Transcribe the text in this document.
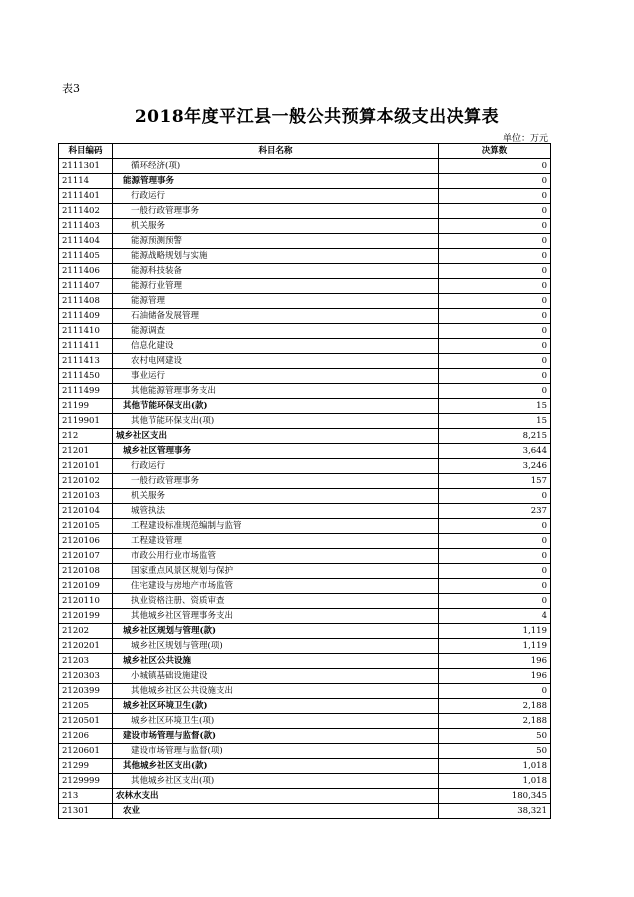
表3
2018年度平江县一般公共预算本级支出决算表
单位：万元
科目编码	科目名称	决算数
2111301	循环经济(项)	0
21114	能源管理事务	0
2111401	行政运行	0
2111402	一般行政管理事务	0
2111403	机关服务	0
2111404	能源预测预警	0
2111405	能源战略规划与实施	0
2111406	能源科技装备	0
2111407	能源行业管理	0
2111408	能源管理	0
2111409	石油储备发展管理	0
2111410	能源调查	0
2111411	信息化建设	0
2111413	农村电网建设	0
2111450	事业运行	0
2111499	其他能源管理事务支出	0
21199	其他节能环保支出(款)	15
2119901	其他节能环保支出(项)	15
212	城乡社区支出	8,215
21201	城乡社区管理事务	3,644
2120101	行政运行	3,246
2120102	一般行政管理事务	157
2120103	机关服务	0
2120104	城管执法	237
2120105	工程建设标准规范编制与监管	0
2120106	工程建设管理	0
2120107	市政公用行业市场监管	0
2120108	国家重点风景区规划与保护	0
2120109	住宅建设与房地产市场监管	0
2120110	执业资格注册、资质审查	0
2120199	其他城乡社区管理事务支出	4
21202	城乡社区规划与管理(款)	1,119
2120201	城乡社区规划与管理(项)	1,119
21203	城乡社区公共设施	196
2120303	小城镇基础设施建设	196
2120399	其他城乡社区公共设施支出	0
21205	城乡社区环境卫生(款)	2,188
2120501	城乡社区环境卫生(项)	2,188
21206	建设市场管理与监督(款)	50
2120601	建设市场管理与监督(项)	50
21299	其他城乡社区支出(款)	1,018
2129999	其他城乡社区支出(项)	1,018
213	农林水支出	180,345
21301	农业	38,321
